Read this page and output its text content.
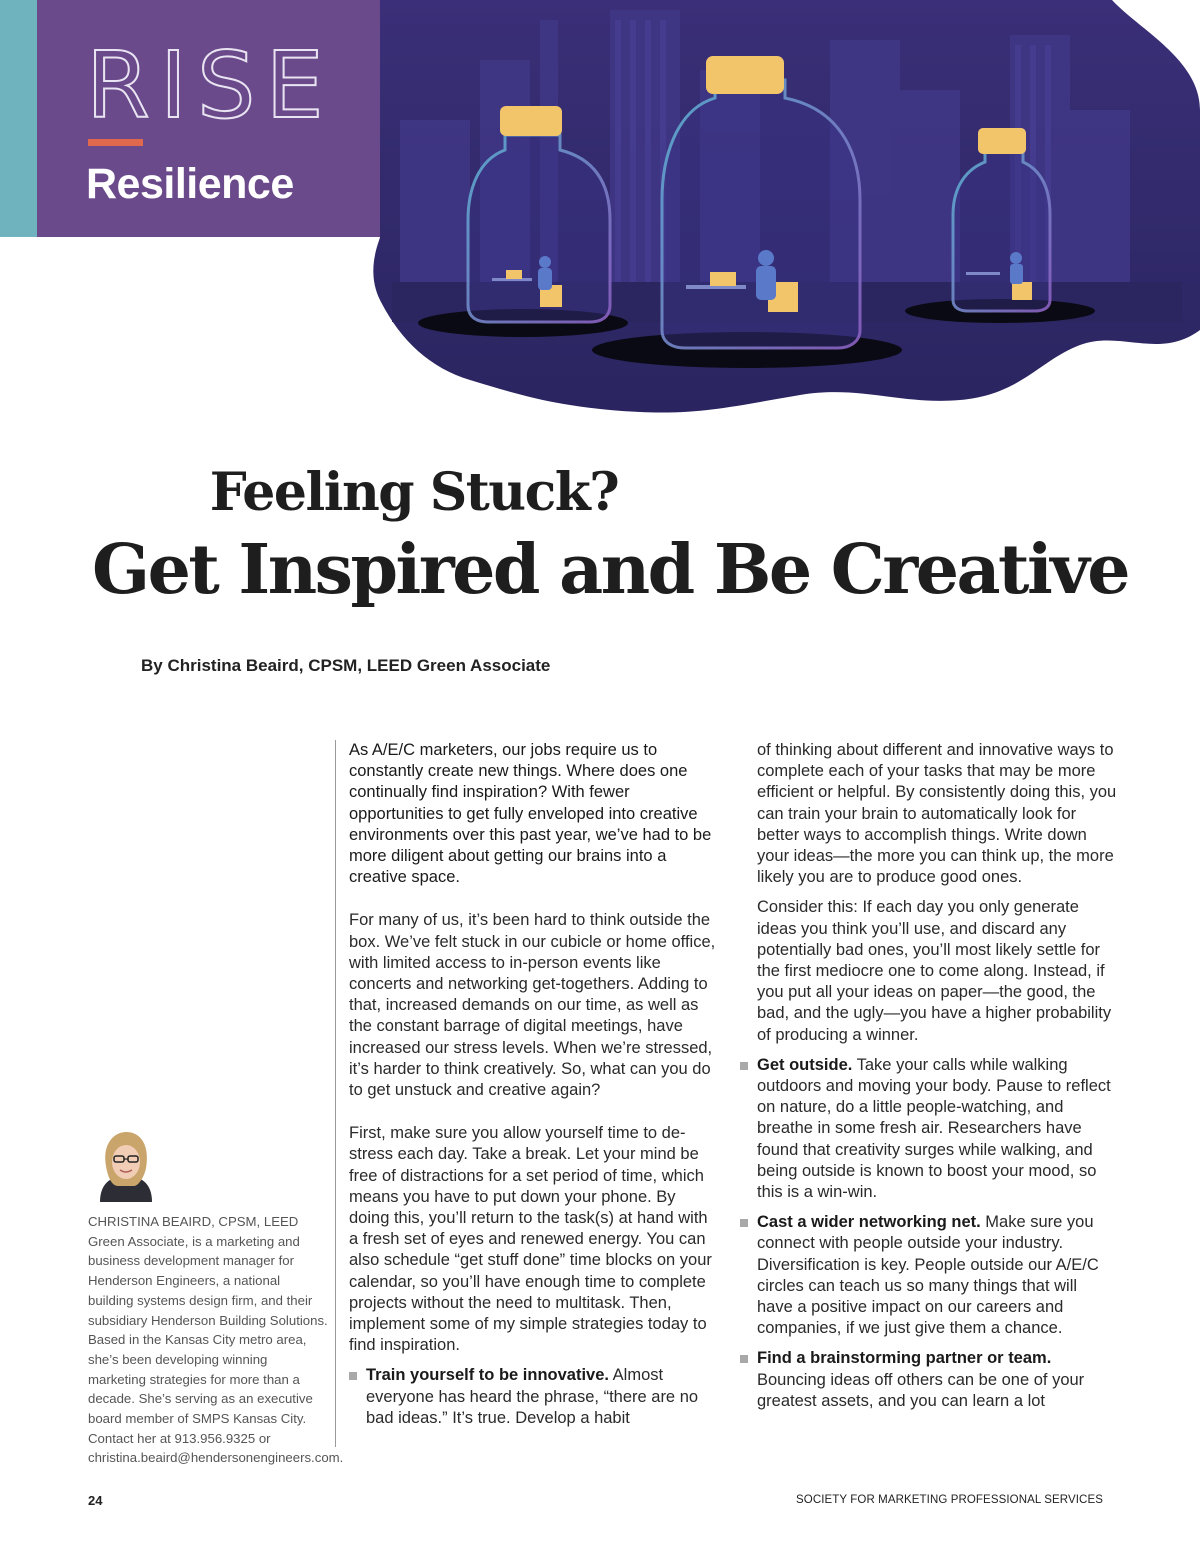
RISE
Resilience
Feeling Stuck?
Get Inspired and Be Creative
By Christina Beaird, CPSM, LEED Green Associate
CHRISTINA BEAIRD, CPSM, LEED Green Associate, is a marketing and business development manager for Henderson Engineers, a national building systems design firm, and their subsidiary Henderson Building Solutions. Based in the Kansas City metro area, she’s been developing winning marketing strategies for more than a decade. She’s serving as an executive board member of SMPS Kansas City. Contact her at 913.956.9325 or christina.beaird@hendersonengineers.com.

As A/E/C marketers, our jobs require us to constantly create new things. Where does one continually find inspiration? With fewer opportunities to get fully enveloped into creative environments over this past year, we’ve had to be more diligent about getting our brains into a creative space.

For many of us, it’s been hard to think outside the box. We’ve felt stuck in our cubicle or home office, with limited access to in-person events like concerts and networking get-togethers. Adding to that, increased demands on our time, as well as the constant barrage of digital meetings, have increased our stress levels. When we’re stressed, it’s harder to think creatively. So, what can you do to get unstuck and creative again?

First, make sure you allow yourself time to de-stress each day. Take a break. Let your mind be free of distractions for a set period of time, which means you have to put down your phone. By doing this, you’ll return to the task(s) at hand with a fresh set of eyes and renewed energy. You can also schedule “get stuff done” time blocks on your calendar, so you’ll have enough time to complete projects without the need to multitask. Then, implement some of my simple strategies today to find inspiration.

Train yourself to be innovative. Almost everyone has heard the phrase, “there are no bad ideas.” It’s true. Develop a habit

of thinking about different and innovative ways to complete each of your tasks that may be more efficient or helpful. By consistently doing this, you can train your brain to automatically look for better ways to accomplish things. Write down your ideas—the more you can think up, the more likely you are to produce good ones.

Consider this: If each day you only generate ideas you think you’ll use, and discard any potentially bad ones, you’ll most likely settle for the first mediocre one to come along. Instead, if you put all your ideas on paper—the good, the bad, and the ugly—you have a higher probability of producing a winner.

Get outside. Take your calls while walking outdoors and moving your body. Pause to reflect on nature, do a little people-watching, and breathe in some fresh air. Researchers have found that creativity surges while walking, and being outside is known to boost your mood, so this is a win-win.

Cast a wider networking net. Make sure you connect with people outside your industry. Diversification is key. People outside our A/E/C circles can teach us so many things that will have a positive impact on our careers and companies, if we just give them a chance.

Find a brainstorming partner or team. Bouncing ideas off others can be one of your greatest assets, and you can learn a lot

24	SOCIETY FOR MARKETING PROFESSIONAL SERVICES
